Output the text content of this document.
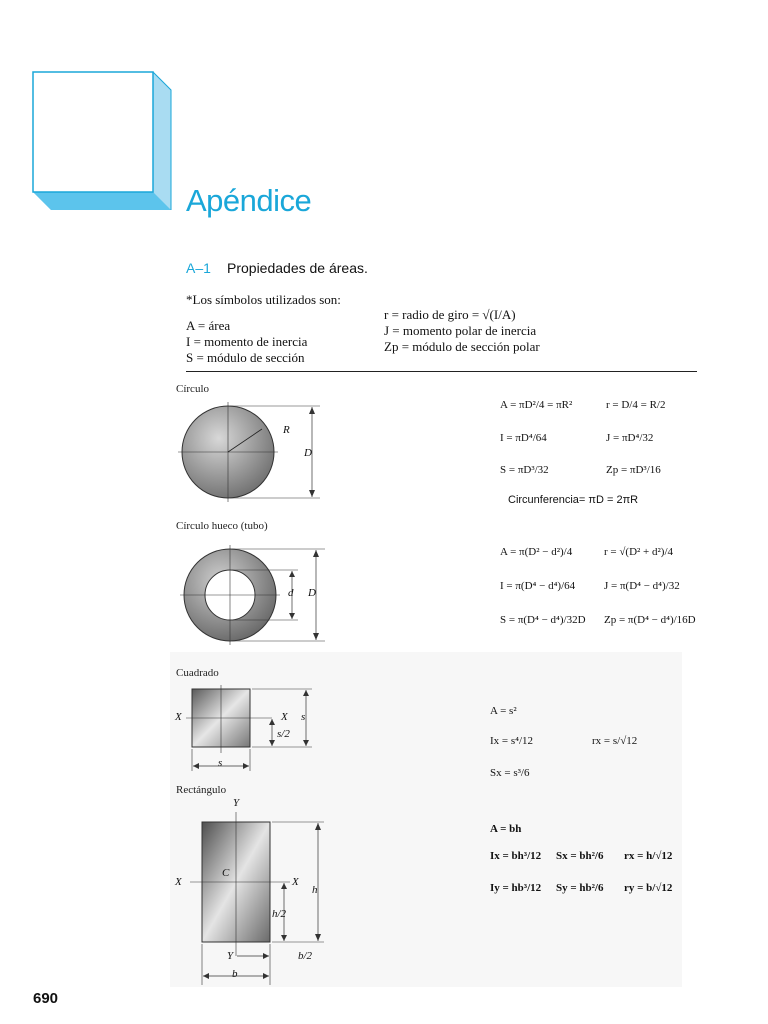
Apéndice
A–1 Propiedades de áreas.
*Los símbolos utilizados son:
A = área
I = momento de inercia
S = módulo de sección
r = radio de giro = √(I/A)
J = momento polar de inercia
Zp = módulo de sección polar
Círculo
R
D
A = πD²/4 = πR²	r = D/4 = R/2
I = πD⁴/64	J = πD⁴/32
S = πD³/32	Zp = πD³/16
Circunferencia= πD = 2πR
Círculo hueco (tubo)
d D
A = π(D² − d²)/4	r = √(D² + d²)/4
I = π(D⁴ − d⁴)/64	J = π(D⁴ − d⁴)/32
S = π(D⁴ − d⁴)/32D Zp = π(D⁴ − d⁴)/16D
Cuadrado
X	X s
s/2
s
A = s²
Ix = s⁴/12	rx = s/√12
Sx = s³/6
Rectángulo
Y
C
X	X
h
h/2
Y	b/2
b
A = bh
Ix = bh³/12 Sx = bh²/6 rx = h/√12
Iy = hb³/12 Sy = hb²/6 ry = b/√12
690
